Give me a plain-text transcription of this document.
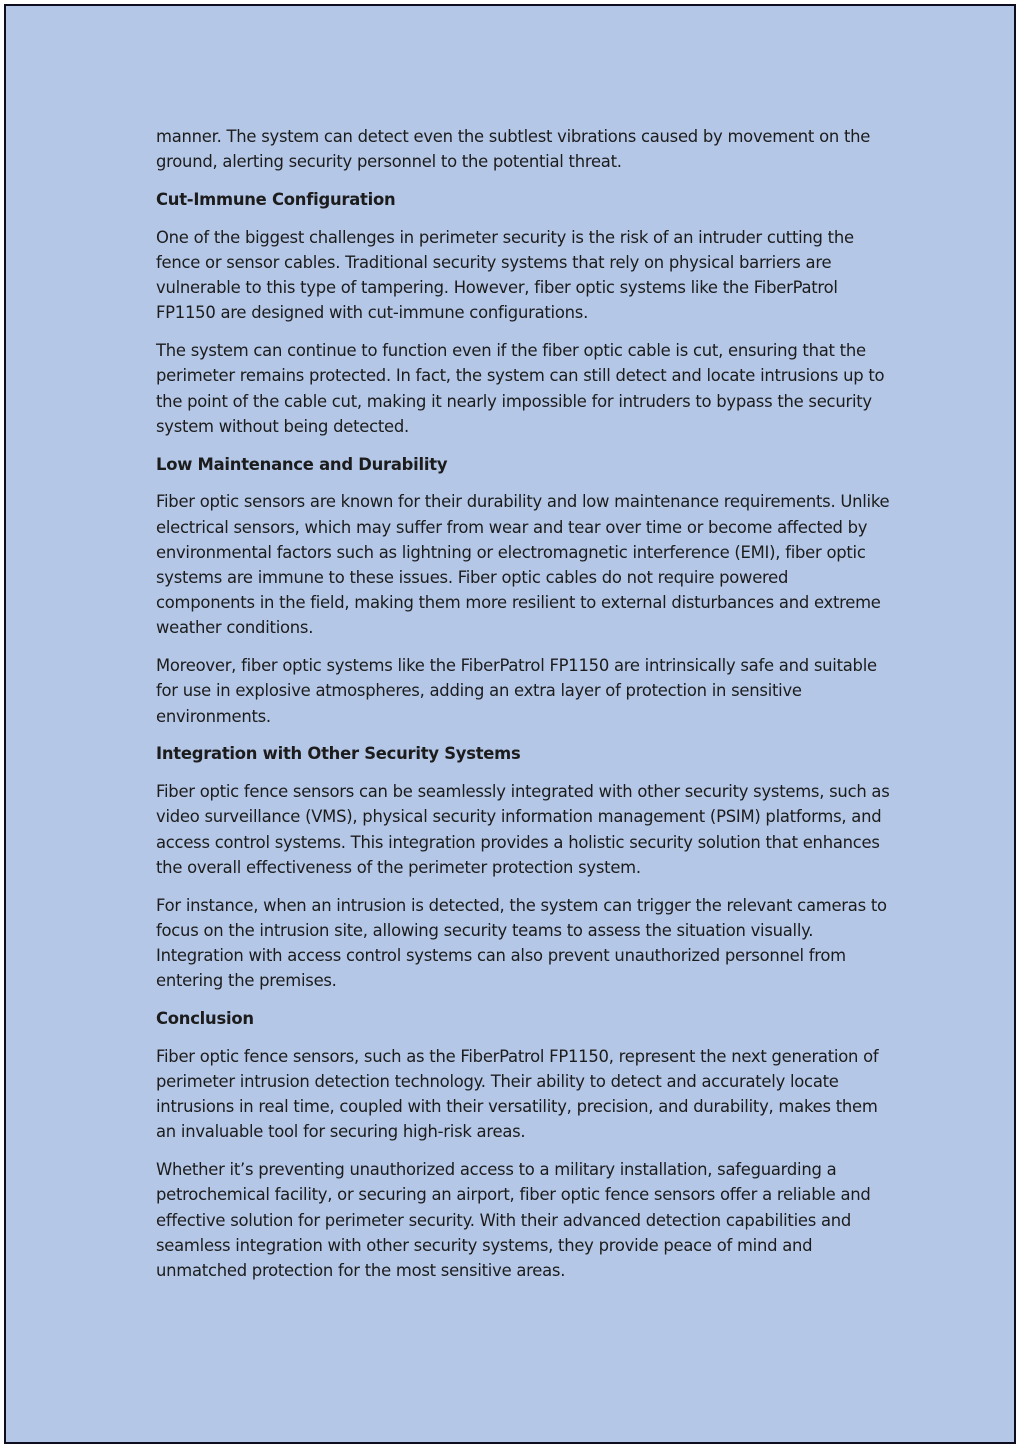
manner. The system can detect even the subtlest vibrations caused by movement on the ground, alerting security personnel to the potential threat.

Cut-Immune Configuration

One of the biggest challenges in perimeter security is the risk of an intruder cutting the fence or sensor cables. Traditional security systems that rely on physical barriers are vulnerable to this type of tampering. However, fiber optic systems like the FiberPatrol FP1150 are designed with cut-immune configurations.

The system can continue to function even if the fiber optic cable is cut, ensuring that the perimeter remains protected. In fact, the system can still detect and locate intrusions up to the point of the cable cut, making it nearly impossible for intruders to bypass the security system without being detected.

Low Maintenance and Durability

Fiber optic sensors are known for their durability and low maintenance requirements. Unlike electrical sensors, which may suffer from wear and tear over time or become affected by environmental factors such as lightning or electromagnetic interference (EMI), fiber optic systems are immune to these issues. Fiber optic cables do not require powered components in the field, making them more resilient to external disturbances and extreme weather conditions.

Moreover, fiber optic systems like the FiberPatrol FP1150 are intrinsically safe and suitable for use in explosive atmospheres, adding an extra layer of protection in sensitive environments.

Integration with Other Security Systems

Fiber optic fence sensors can be seamlessly integrated with other security systems, such as video surveillance (VMS), physical security information management (PSIM) platforms, and access control systems. This integration provides a holistic security solution that enhances the overall effectiveness of the perimeter protection system.

For instance, when an intrusion is detected, the system can trigger the relevant cameras to focus on the intrusion site, allowing security teams to assess the situation visually. Integration with access control systems can also prevent unauthorized personnel from entering the premises.

Conclusion

Fiber optic fence sensors, such as the FiberPatrol FP1150, represent the next generation of perimeter intrusion detection technology. Their ability to detect and accurately locate intrusions in real time, coupled with their versatility, precision, and durability, makes them an invaluable tool for securing high-risk areas.

Whether it’s preventing unauthorized access to a military installation, safeguarding a petrochemical facility, or securing an airport, fiber optic fence sensors offer a reliable and effective solution for perimeter security. With their advanced detection capabilities and seamless integration with other security systems, they provide peace of mind and unmatched protection for the most sensitive areas.
